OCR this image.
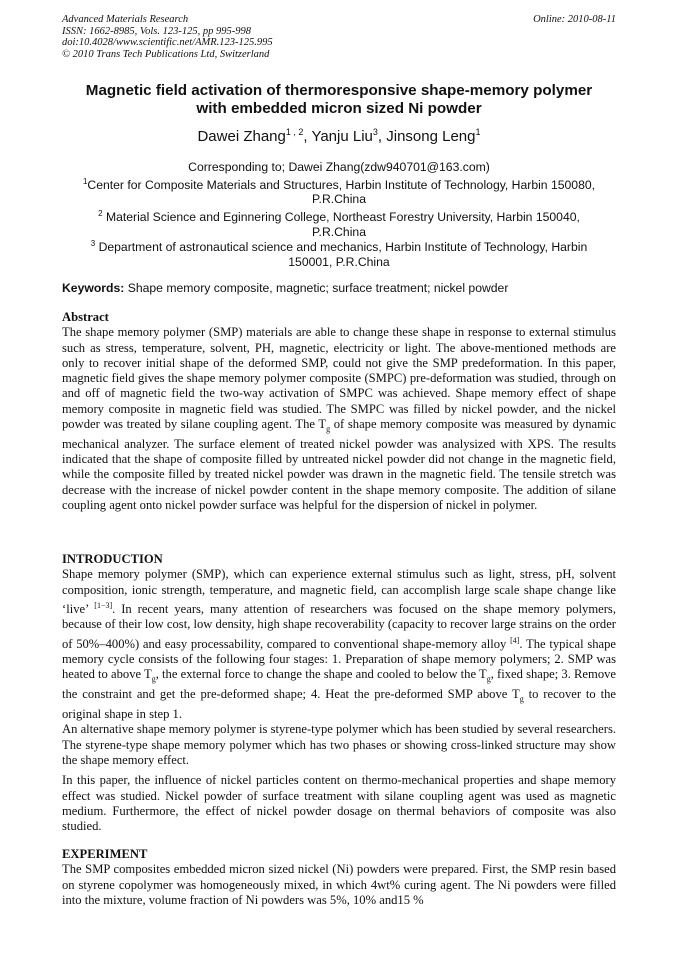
Advanced Materials Research
ISSN: 1662-8985, Vols. 123-125, pp 995-998
doi:10.4028/www.scientific.net/AMR.123-125.995
© 2010 Trans Tech Publications Ltd, Switzerland
Online: 2010-08-11
Magnetic field activation of thermoresponsive shape-memory polymer
with embedded micron sized Ni powder
Dawei Zhang$^{1 , 2}$, Yanju Liu$^3$, Jinsong Leng$^1$
Corresponding to; Dawei Zhang(zdw940701@163.com)
$^1$Center for Composite Materials and Structures, Harbin Institute of Technology, Harbin 150080,
P.R.China
$^2$ Material Science and Eginnering College, Northeast Forestry University, Harbin 150040,
P.R.China
$^3$ Department of astronautical science and mechanics, Harbin Institute of Technology, Harbin
150001, P.R.China
Keywords: Shape memory composite, magnetic; surface treatment; nickel powder
Abstract

The shape memory polymer (SMP) materials are able to change these shape in response to external stimulus such as stress, temperature, solvent, PH, magnetic, electricity or light. The above-mentioned methods are only to recover initial shape of the deformed SMP, could not give the SMP predeformation. In this paper, magnetic field gives the shape memory polymer composite (SMPC) pre-deformation was studied, through on and off of magnetic field the two-way activation of SMPC was achieved. Shape memory effect of shape memory composite in magnetic field was studied. The SMPC was filled by nickel powder, and the nickel powder was treated by silane coupling agent. The $T_g$ of shape memory composite was measured by dynamic mechanical analyzer. The surface element of treated nickel powder was analysized with XPS. The results indicated that the shape of composite filled by untreated nickel powder did not change in the magnetic field, while the composite filled by treated nickel powder was drawn in the magnetic field. The tensile stretch was decrease with the increase of nickel powder content in the shape memory composite. The addition of silane coupling agent onto nickel powder surface was helpful for the dispersion of nickel in polymer.

INTRODUCTION

Shape memory polymer (SMP), which can experience external stimulus such as light, stress, pH, solvent composition, ionic strength, temperature, and magnetic field, can accomplish large scale shape change like ‘live’ [1−3]. In recent years, many attention of researchers was focused on the shape memory polymers, because of their low cost, low density, high shape recoverability (capacity to recover large strains on the order of 50%–400%) and easy processability, compared to conventional shape-memory alloy [4]. The typical shape memory cycle consists of the following four stages: 1. Preparation of shape memory polymers; 2. SMP was heated to above $T_g$, the external force to change the shape and cooled to below the $T_g$, fixed shape; 3. Remove the constraint and get the pre-deformed shape; 4. Heat the pre-deformed SMP above $T_g$ to recover to the original shape in step 1.

An alternative shape memory polymer is styrene-type polymer which has been studied by several researchers. The styrene-type shape memory polymer which has two phases or showing cross-linked structure may show the shape memory effect.

In this paper, the influence of nickel particles content on thermo-mechanical properties and shape memory effect was studied. Nickel powder of surface treatment with silane coupling agent was used as magnetic medium. Furthermore, the effect of nickel powder dosage on thermal behaviors of composite was also studied.

EXPERIMENT

The SMP composites embedded micron sized nickel (Ni) powders were prepared. First, the SMP resin based on styrene copolymer was homogeneously mixed, in which 4wt% curing agent. The Ni powders were filled into the mixture, volume fraction of Ni powders was 5%, 10% and15 %
